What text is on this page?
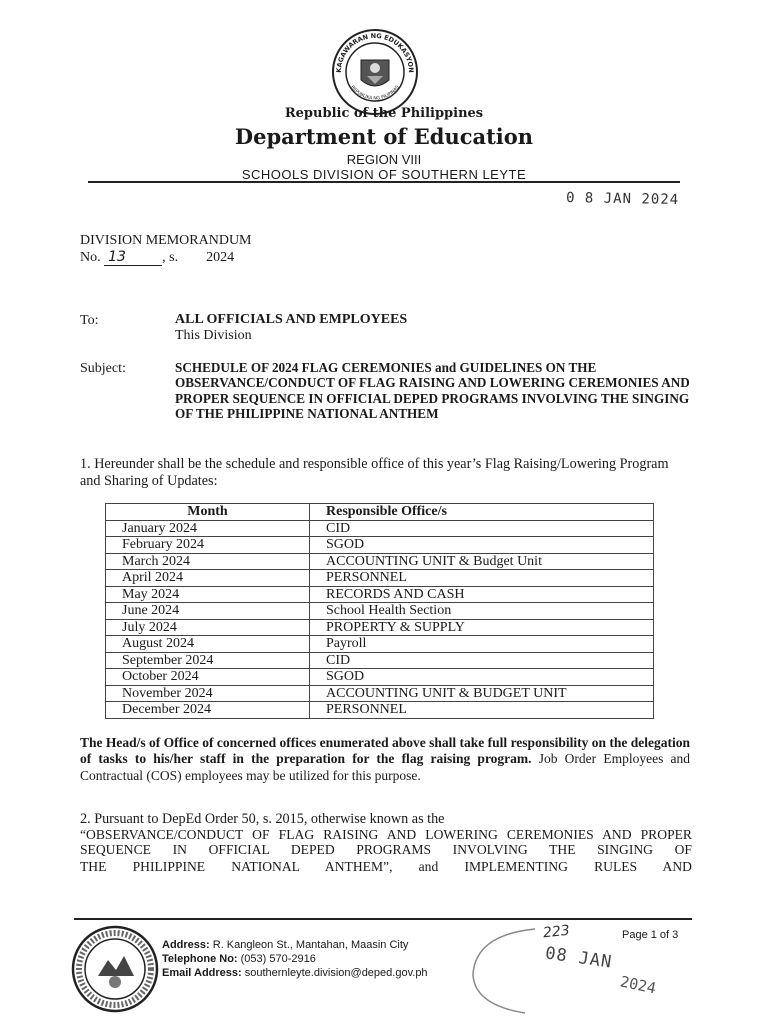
KAGAWARAN NG EDUKASYON
REPUBLIKA NG PILIPINAS
Republic of the Philippines
Department of Education
REGION VIII
SCHOOLS DIVISION OF SOUTHERN LEYTE
0 8 JAN 2024
DIVISION MEMORANDUM
No. 13	, s.        2024
To:	ALL OFFICIALS AND EMPLOYEES
This Division
Subject:	SCHEDULE OF 2024 FLAG CEREMONIES and GUIDELINES ON THE OBSERVANCE/CONDUCT OF FLAG RAISING AND LOWERING CEREMONIES AND PROPER SEQUENCE IN OFFICIAL DEPED PROGRAMS INVOLVING THE SINGING OF THE PHILIPPINE NATIONAL ANTHEM
1. Hereunder shall be the schedule and responsible office of this year’s Flag Raising/Lowering Program and Sharing of Updates:
Month	Responsible Office/s
January 2024	CID
February 2024	SGOD
March 2024	ACCOUNTING UNIT & Budget Unit
April 2024	PERSONNEL
May 2024	RECORDS AND CASH
June 2024	School Health Section
July 2024	PROPERTY & SUPPLY
August 2024	Payroll
September 2024	CID
October 2024	SGOD
November 2024	ACCOUNTING UNIT & BUDGET UNIT
December 2024	PERSONNEL
The Head/s of Office of concerned offices enumerated above shall take full responsibility on the delegation of tasks to his/her staff in the preparation for the flag raising program. Job Order Employees and Contractual (COS) employees may be utilized for this purpose.
2. Pursuant to DepEd Order 50, s. 2015, otherwise known as the
“OBSERVANCE/CONDUCT OF FLAG RAISING AND LOWERING CEREMONIES AND PROPER SEQUENCE IN OFFICIAL DEPED PROGRAMS INVOLVING THE SINGING OF
THE PHILIPPINE NATIONAL ANTHEM”, and IMPLEMENTING RULES AND
Address: R. Kangleon St., Mantahan, Maasin City
Telephone No: (053) 570-2916
Email Address: southernleyte.division@deped.gov.ph
223	Page 1 of 3
08 JAN
2024
